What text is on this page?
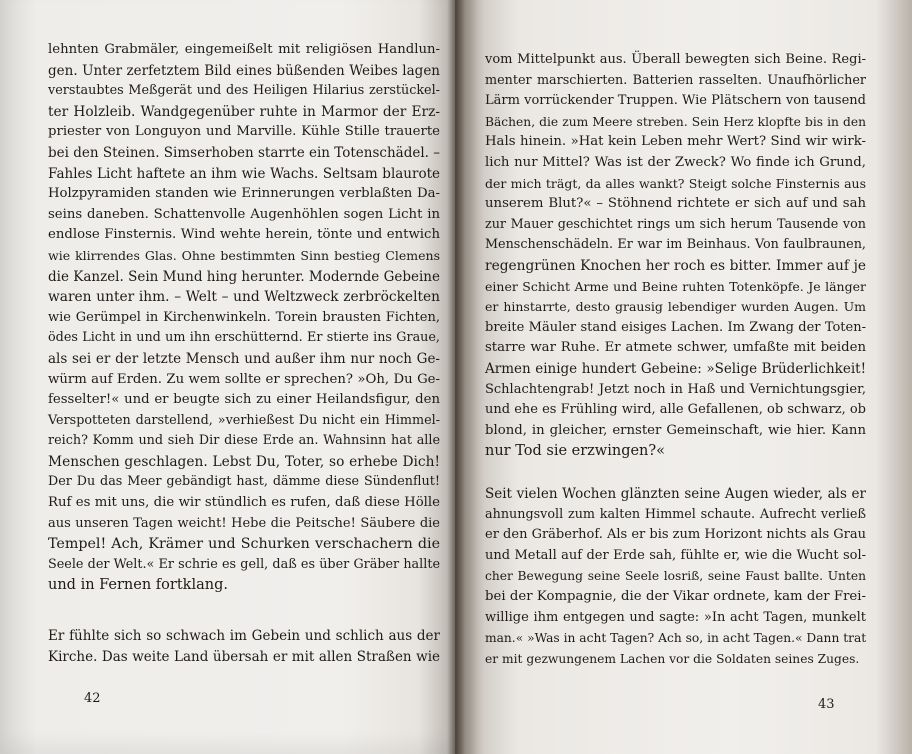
lehnten Grabmäler, eingemeißelt mit religiösen Handlun-
gen. Unter zerfetztem Bild eines büßenden Weibes lagen
verstaubtes Meßgerät und des Heiligen Hilarius zerstückel-
ter Holzleib. Wandgegenüber ruhte in Marmor der Erz-
priester von Longuyon und Marville. Kühle Stille trauerte
bei den Steinen. Simserhoben starrte ein Totenschädel. –
Fahles Licht haftete an ihm wie Wachs. Seltsam blaurote
Holzpyramiden standen wie Erinnerungen verblaßten Da-
seins daneben. Schattenvolle Augenhöhlen sogen Licht in
endlose Finsternis. Wind wehte herein, tönte und entwich
wie klirrendes Glas. Ohne bestimmten Sinn bestieg Clemens
die Kanzel. Sein Mund hing herunter. Modernde Gebeine
waren unter ihm. – Welt – und Weltzweck zerbröckelten
wie Gerümpel in Kirchenwinkeln. Torein brausten Fichten,
ödes Licht in und um ihn erschütternd. Er stierte ins Graue,
als sei er der letzte Mensch und außer ihm nur noch Ge-
würm auf Erden. Zu wem sollte er sprechen? »Oh, Du Ge-
fesselter!« und er beugte sich zu einer Heilandsfigur, den
Verspotteten darstellend, »verhießest Du nicht ein Himmel-
reich? Komm und sieh Dir diese Erde an. Wahnsinn hat alle
Menschen geschlagen. Lebst Du, Toter, so erhebe Dich!
Der Du das Meer gebändigt hast, dämme diese Sündenflut!
Ruf es mit uns, die wir stündlich es rufen, daß diese Hölle
aus unseren Tagen weicht! Hebe die Peitsche! Säubere die
Tempel! Ach, Krämer und Schurken verschachern die
Seele der Welt.« Er schrie es gell, daß es über Gräber hallte
und in Fernen fortklang.
Er fühlte sich so schwach im Gebein und schlich aus der
Kirche. Das weite Land übersah er mit allen Straßen wie
42
vom Mittelpunkt aus. Überall bewegten sich Beine. Regi-
menter marschierten. Batterien rasselten. Unaufhörlicher
Lärm vorrückender Truppen. Wie Plätschern von tausend
Bächen, die zum Meere streben. Sein Herz klopfte bis in den
Hals hinein. »Hat kein Leben mehr Wert? Sind wir wirk-
lich nur Mittel? Was ist der Zweck? Wo finde ich Grund,
der mich trägt, da alles wankt? Steigt solche Finsternis aus
unserem Blut?« – Stöhnend richtete er sich auf und sah
zur Mauer geschichtet rings um sich herum Tausende von
Menschenschädeln. Er war im Beinhaus. Von faulbraunen,
regengrünen Knochen her roch es bitter. Immer auf je
einer Schicht Arme und Beine ruhten Totenköpfe. Je länger
er hinstarrte, desto grausig lebendiger wurden Augen. Um
breite Mäuler stand eisiges Lachen. Im Zwang der Toten-
starre war Ruhe. Er atmete schwer, umfaßte mit beiden
Armen einige hundert Gebeine: »Selige Brüderlichkeit!
Schlachtengrab! Jetzt noch in Haß und Vernichtungsgier,
und ehe es Frühling wird, alle Gefallenen, ob schwarz, ob
blond, in gleicher, ernster Gemeinschaft, wie hier. Kann
nur Tod sie erzwingen?«
Seit vielen Wochen glänzten seine Augen wieder, als er
ahnungsvoll zum kalten Himmel schaute. Aufrecht verließ
er den Gräberhof. Als er bis zum Horizont nichts als Grau
und Metall auf der Erde sah, fühlte er, wie die Wucht sol-
cher Bewegung seine Seele losriß, seine Faust ballte. Unten
bei der Kompagnie, die der Vikar ordnete, kam der Frei-
willige ihm entgegen und sagte: »In acht Tagen, munkelt
man.« »Was in acht Tagen? Ach so, in acht Tagen.« Dann trat
er mit gezwungenem Lachen vor die Soldaten seines Zuges.
43
